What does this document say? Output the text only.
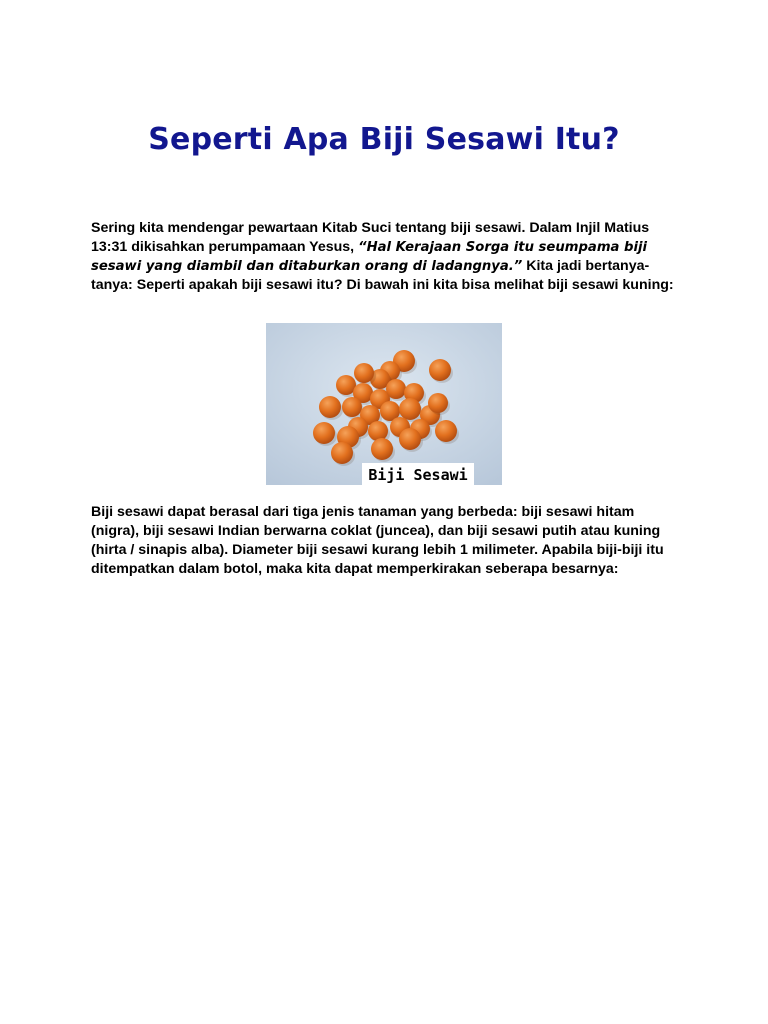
Seperti Apa Biji Sesawi Itu?

Sering kita mendengar pewartaan Kitab Suci tentang biji sesawi. Dalam Injil Matius 13:31 dikisahkan perumpamaan Yesus, “Hal Kerajaan Sorga itu seumpama biji sesawi yang diambil dan ditaburkan orang di ladangnya.” Kita jadi bertanya-tanya: Seperti apakah biji sesawi itu? Di bawah ini kita bisa melihat biji sesawi kuning:

Biji Sesawi

Biji sesawi dapat berasal dari tiga jenis tanaman yang berbeda: biji sesawi hitam (nigra), biji sesawi Indian berwarna coklat (juncea), dan biji sesawi putih atau kuning (hirta / sinapis alba). Diameter biji sesawi kurang lebih 1 milimeter. Apabila biji-biji itu ditempatkan dalam botol, maka kita dapat memperkirakan seberapa besarnya:
